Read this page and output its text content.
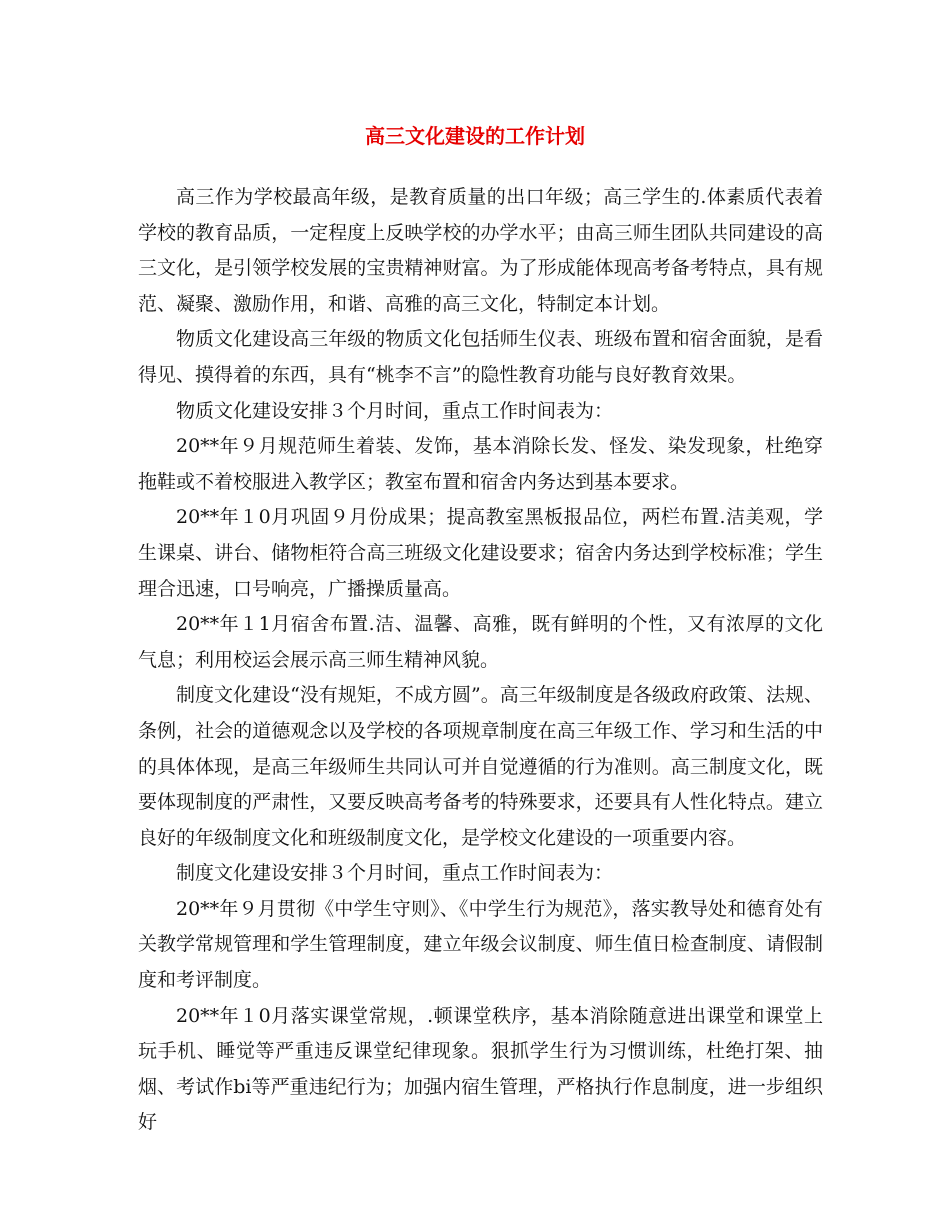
高三文化建设的工作计划

高三作为学校最高年级，是教育质量的出口年级；高三学生的.体素质代表着学校的教育品质，一定程度上反映学校的办学水平；由高三师生团队共同建设的高三文化，是引领学校发展的宝贵精神财富。为了形成能体现高考备考特点，具有规范、凝聚、激励作用，和谐、高雅的高三文化，特制定本计划。

物质文化建设高三年级的物质文化包括师生仪表、班级布置和宿舍面貌，是看得见、摸得着的东西，具有“桃李不言”的隐性教育功能与良好教育效果。

物质文化建设安排３个月时间，重点工作时间表为：

20**年９月规范师生着装、发饰，基本消除长发、怪发、染发现象，杜绝穿拖鞋或不着校服进入教学区；教室布置和宿舍内务达到基本要求。

20**年１0月巩固９月份成果；提高教室黑板报品位，两栏布置.洁美观，学生课桌、讲台、储物柜符合高三班级文化建设要求；宿舍内务达到学校标准；学生理合迅速，口号响亮，广播操质量高。

20**年１1月宿舍布置.洁、温馨、高雅，既有鲜明的个性，又有浓厚的文化气息；利用校运会展示高三师生精神风貌。

制度文化建设“没有规矩，不成方圆”。高三年级制度是各级政府政策、法规、条例，社会的道德观念以及学校的各项规章制度在高三年级工作、学习和生活的中的具体体现，是高三年级师生共同认可并自觉遵循的行为准则。高三制度文化，既要体现制度的严肃性，又要反映高考备考的特殊要求，还要具有人性化特点。建立良好的年级制度文化和班级制度文化，是学校文化建设的一项重要内容。

制度文化建设安排３个月时间，重点工作时间表为：

20**年９月贯彻《中学生守则》、《中学生行为规范》，落实教导处和德育处有关教学常规管理和学生管理制度，建立年级会议制度、师生值日检查制度、请假制度和考评制度。

20**年１0月落实课堂常规，.顿课堂秩序，基本消除随意进出课堂和课堂上玩手机、睡觉等严重违反课堂纪律现象。狠抓学生行为习惯训练，杜绝打架、抽烟、考试作bi等严重违纪行为；加强内宿生管理，严格执行作息制度，进一步组织好
